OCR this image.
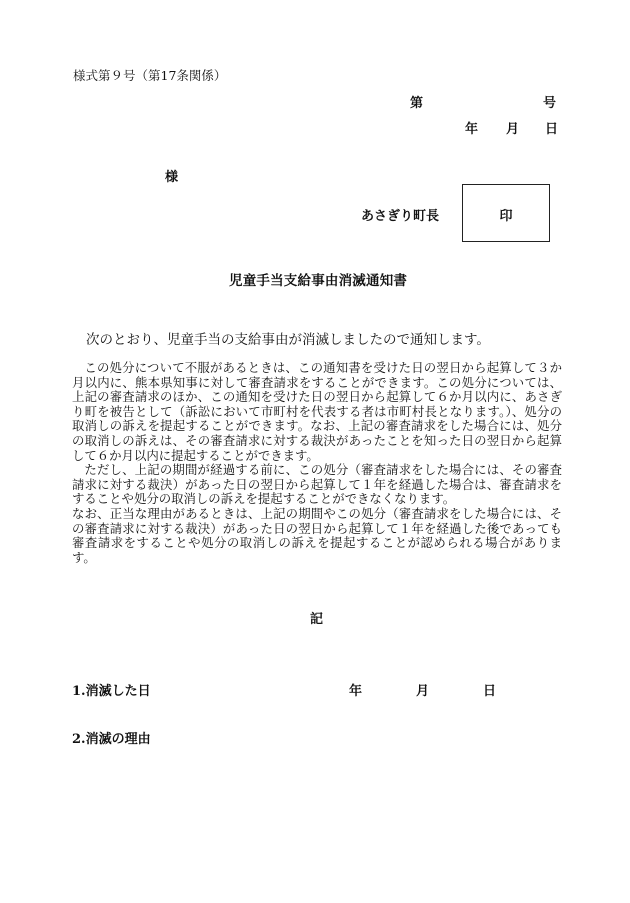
様式第９号（第17条関係）
第	号
年 月 日
様
あさぎり町長	印
児童手当支給事由消滅通知書
次のとおり、児童手当の支給事由が消滅しましたので通知します。

この処分について不服があるときは、この通知書を受けた日の翌日から起算して３か月以内に、熊本県知事に対して審査請求をすることができます。この処分については、上記の審査請求のほか、この通知を受けた日の翌日から起算して６か月以内に、あさぎり町を被告として（訴訟において市町村を代表する者は市町村長となります。）、処分の取消しの訴えを提起することができます。なお、上記の審査請求をした場合には、処分の取消しの訴えは、その審査請求に対する裁決があったことを知った日の翌日から起算して６か月以内に提起することができます。

ただし、上記の期間が経過する前に、この処分（審査請求をした場合には、その審査請求に対する裁決）があった日の翌日から起算して１年を経過した場合は、審査請求をすることや処分の取消しの訴えを提起することができなくなります。

なお、正当な理由があるときは、上記の期間やこの処分（審査請求をした場合には、その審査請求に対する裁決）があった日の翌日から起算して１年を経過した後であっても審査請求をすることや処分の取消しの訴えを提起することが認められる場合があります。

記
1.消滅した日	年	月	日
2.消滅の理由
